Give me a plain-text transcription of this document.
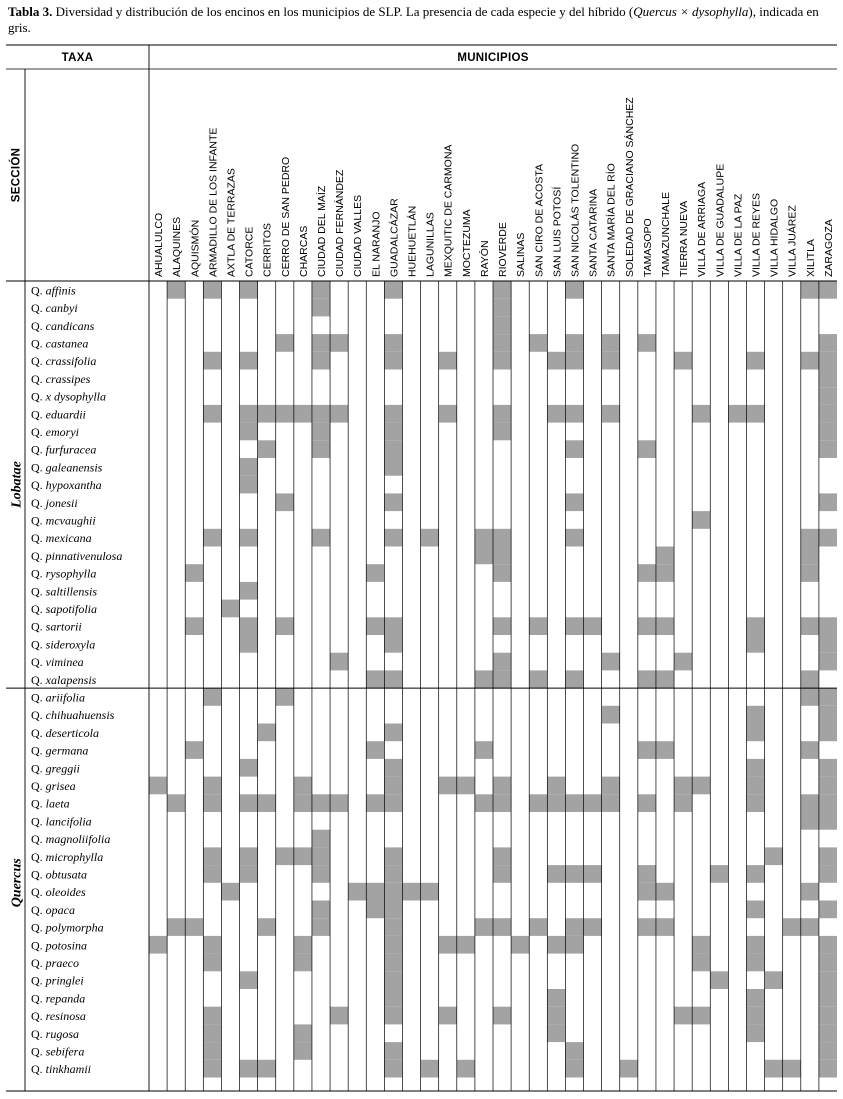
Tabla 3. Diversidad y distribución de los encinos en los municipios de SLP. La presencia de cada especie y del híbrido (Quercus × dysophylla), indicada en gris.
TAXA	MUNICIPIOS
SECCIÓN
AHUALULCO ALAQUINES AQUISMÓN ARMADILLO DE LOS INFANTE AXTLA DE TERRAZAS CATORCE CERRITOS CERRO DE SAN PEDRO CHARCAS CIUDAD DEL MAÍZ CIUDAD FERNÁNDEZ CIUDAD VALLES EL NARANJO GUADALCÁZAR HUEHUETLÁN LAGUNILLAS MEXQUITIC DE CARMONA MOCTEZUMA RAYÓN RIOVERDE SALINAS SAN CIRO DE ACOSTA SAN LUIS POTOSÍ SAN NICOLÁS TOLENTINO SANTA CATARINA SANTA MARÍA DEL RÍO SOLEDAD DE GRACIANO SÁNCHEZ TAMASOPO TAMAZUNCHALE TIERRA NUEVA VILLA DE ARRIAGA VILLA DE GUADALUPE VILLA DE LA PAZ VILLA DE REYES VILLA HIDALGO VILLA JUÁREZ XILITLA ZARAGOZA
Lobatae
Quercus
Q. affinis
Q. canbyi
Q. candicans
Q. castanea
Q. crassifolia
Q. crassipes
Q. x dysophylla
Q. eduardii
Q. emoryi
Q. furfuracea
Q. galeanensis
Q. hypoxantha
Q. jonesii
Q. mcvaughii
Q. mexicana
Q. pinnativenulosa
Q. rysophylla
Q. saltillensis
Q. sapotifolia
Q. sartorii
Q. sideroxyla
Q. viminea
Q. xalapensis
Q. ariifolia
Q. chihuahuensis
Q. deserticola
Q. germana
Q. greggii
Q. grisea
Q. laeta
Q. lancifolia
Q. magnoliifolia
Q. microphylla
Q. obtusata
Q. oleoides
Q. opaca
Q. polymorpha
Q. potosina
Q. praeco
Q. pringlei
Q. repanda
Q. resinosa
Q. rugosa
Q. sebifera
Q. tinkhamii
